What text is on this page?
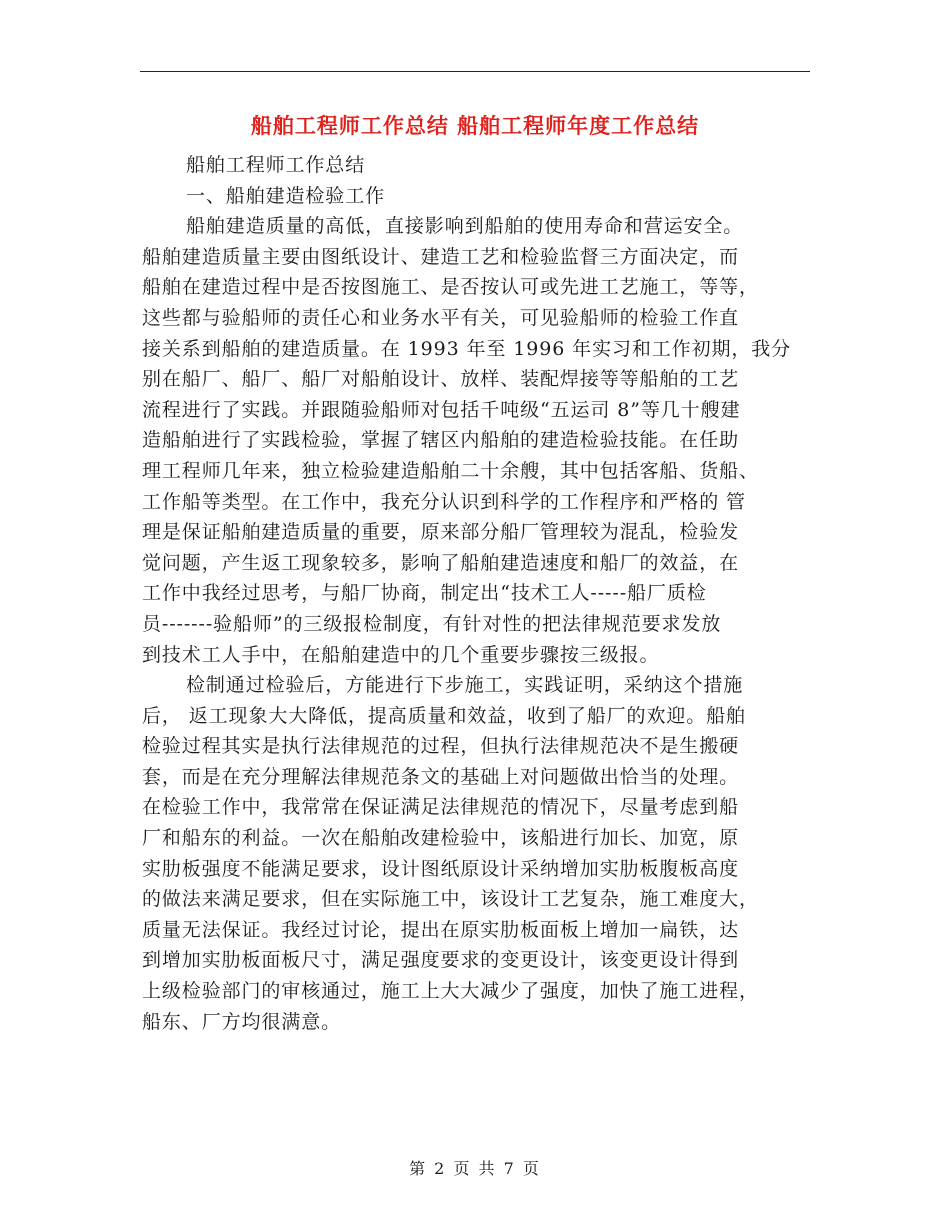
船舶工程师工作总结 船舶工程师年度工作总结
船舶工程师工作总结
一、船舶建造检验工作
船舶建造质量的高低，直接影响到船舶的使用寿命和营运安全。
船舶建造质量主要由图纸设计、建造工艺和检验监督三方面决定，而
船舶在建造过程中是否按图施工、是否按认可或先进工艺施工，等等，
这些都与验船师的责任心和业务水平有关，可见验船师的检验工作直
接关系到船舶的建造质量。在 1993 年至 1996 年实习和工作初期，我分
别在船厂、船厂、船厂对船舶设计、放样、装配焊接等等船舶的工艺
流程进行了实践。并跟随验船师对包括千吨级“五运司 8”等几十艘建
造船舶进行了实践检验，掌握了辖区内船舶的建造检验技能。在任助
理工程师几年来，独立检验建造船舶二十余艘，其中包括客船、货船、
工作船等类型。在工作中，我充分认识到科学的工作程序和严格的 管
理是保证船舶建造质量的重要，原来部分船厂管理较为混乱，检验发
觉问题，产生返工现象较多，影响了船舶建造速度和船厂的效益，在
工作中我经过思考，与船厂协商，制定出“技术工人-----船厂质检
员-------验船师”的三级报检制度，有针对性的把法律规范要求发放
到技术工人手中，在船舶建造中的几个重要步骤按三级报。
检制通过检验后，方能进行下步施工，实践证明，采纳这个措施
后， 返工现象大大降低，提高质量和效益，收到了船厂的欢迎。船舶
检验过程其实是执行法律规范的过程，但执行法律规范决不是生搬硬
套，而是在充分理解法律规范条文的基础上对问题做出恰当的处理。
在检验工作中，我常常在保证满足法律规范的情况下，尽量考虑到船
厂和船东的利益。一次在船舶改建检验中，该船进行加长、加宽，原
实肋板强度不能满足要求，设计图纸原设计采纳增加实肋板腹板高度
的做法来满足要求，但在实际施工中，该设计工艺复杂，施工难度大，
质量无法保证。我经过讨论，提出在原实肋板面板上增加一扁铁，达
到增加实肋板面板尺寸，满足强度要求的变更设计，该变更设计得到
上级检验部门的审核通过，施工上大大减少了强度，加快了施工进程，
船东、厂方均很满意。
第 2 页 共 7 页
